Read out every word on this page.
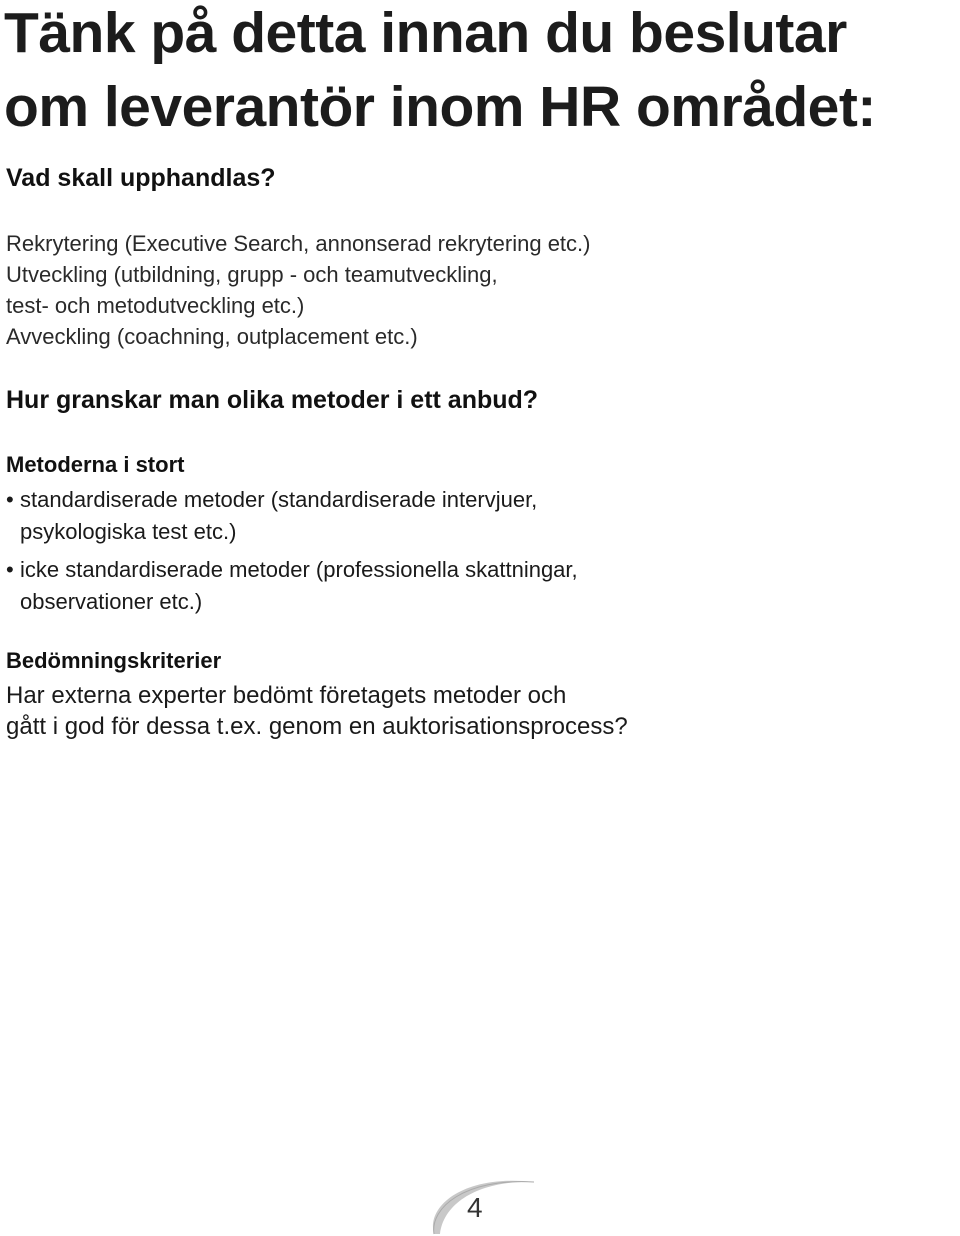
Tänk på detta innan du beslutar
om leverantör inom HR området:
Vad skall upphandlas?

Rekrytering (Executive Search, annonserad rekrytering etc.)
Utveckling (utbildning, grupp - och teamutveckling,
test- och metodutveckling etc.)
Avveckling (coachning, outplacement etc.)

Hur granskar man olika metoder i ett anbud?
Metoderna i stort
• standardiserade metoder (standardiserade intervjuer,
psykologiska test etc.)
• icke standardiserade metoder (professionella skattningar,
observationer etc.)
Bedömningskriterier

Har externa experter bedömt företagets metoder och
gått i god för dessa t.ex. genom en auktorisationsprocess?

4
